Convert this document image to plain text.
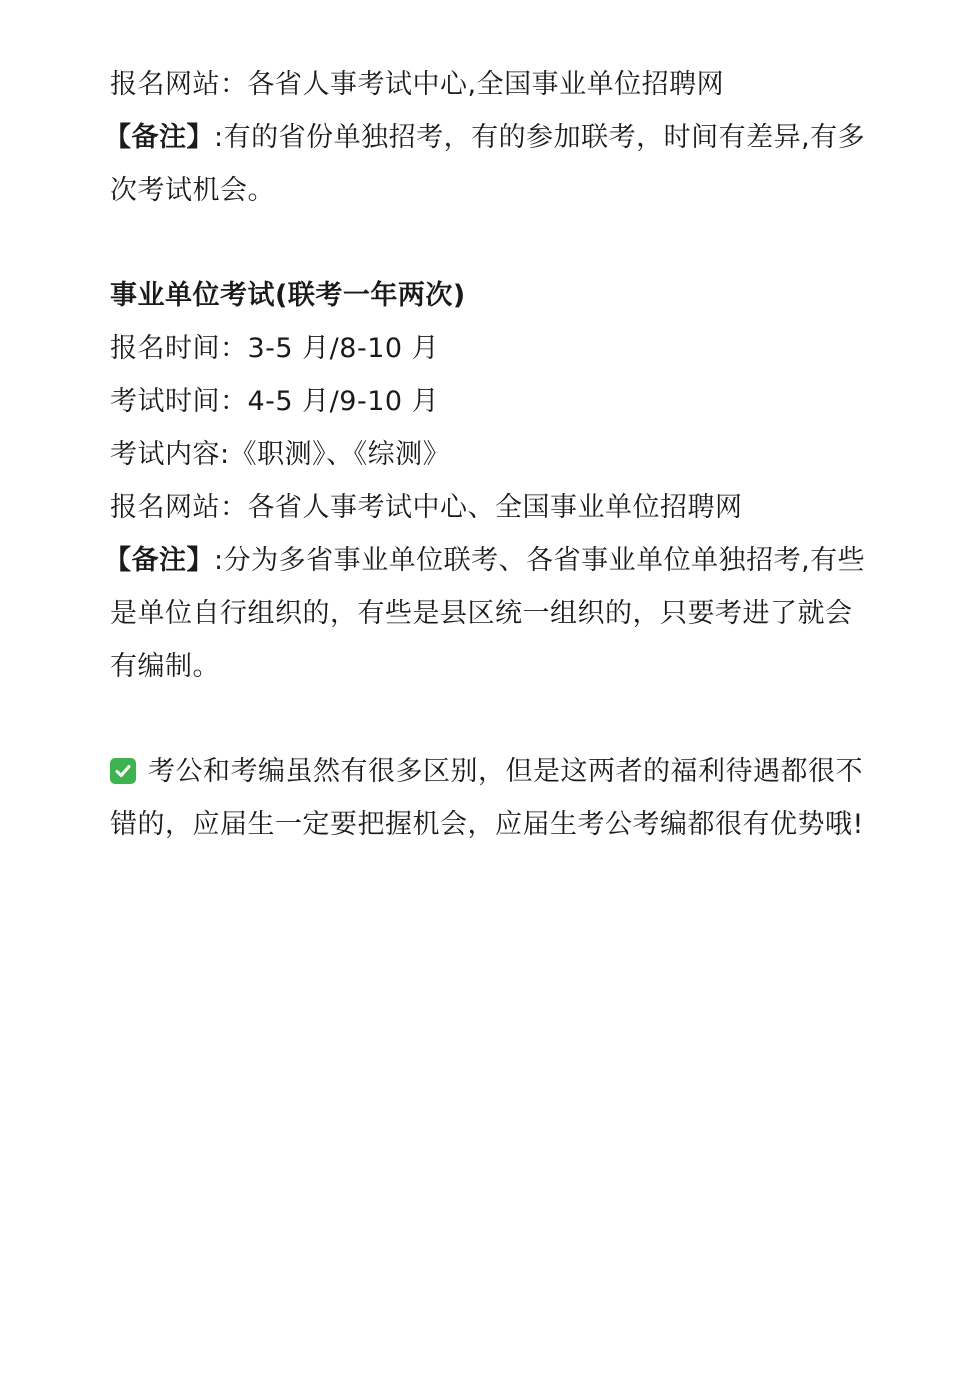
报名网站：各省人事考试中心,全国事业单位招聘网
【备注】:有的省份单独招考，有的参加联考，时间有差异,有多次考试机会。
事业单位考试(联考一年两次)
报名时间：3-5 月/8-10 月
考试时间：4-5 月/9-10 月
考试内容:《职测》、《综测》
报名网站：各省人事考试中心、全国事业单位招聘网
【备注】:分为多省事业单位联考、各省事业单位单独招考,有些是单位自行组织的，有些是县区统一组织的，只要考进了就会有编制。
考公和考编虽然有很多区别，但是这两者的福利待遇都很不错的，应届生一定要把握机会，应届生考公考编都很有优势哦!
